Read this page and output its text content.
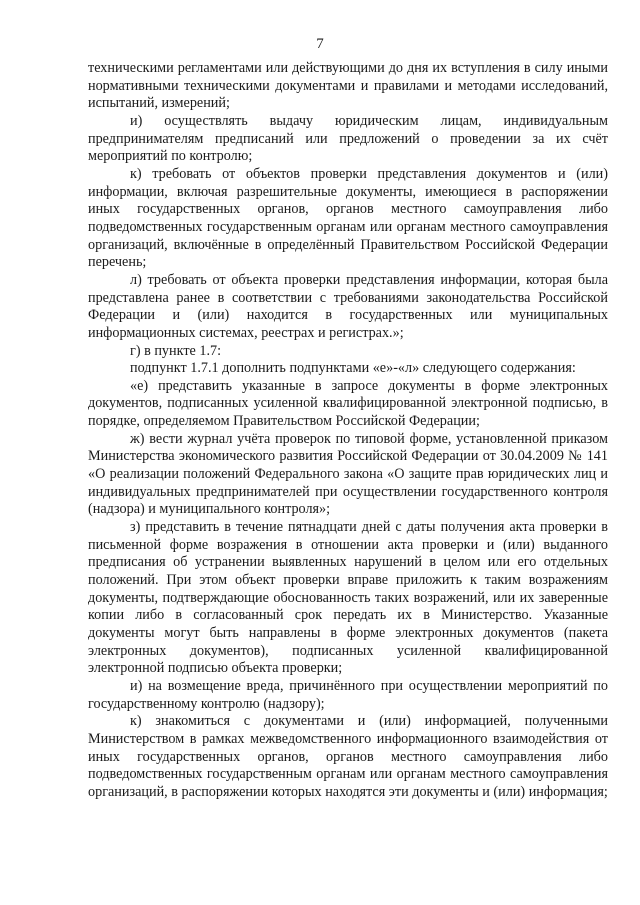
7

техническими регламентами или действующими до дня их вступления в силу иными нормативными техническими документами и правилами и методами исследований, испытаний, измерений;

и) осуществлять выдачу юридическим лицам, индивидуальным предпринимателям предписаний или предложений о проведении за их счёт мероприятий по контролю;

к) требовать от объектов проверки представления документов и (или) информации, включая разрешительные документы, имеющиеся в распоряжении иных государственных органов, органов местного самоуправления либо подведомственных государственным органам или органам местного самоуправления организаций, включённые в определённый Правительством Российской Федерации перечень;

л) требовать от объекта проверки представления информации, которая была представлена ранее в соответствии с требованиями законодательства Российской Федерации и (или) находится в государственных или муниципальных информационных системах, реестрах и регистрах.»;

г) в пункте 1.7:

подпункт 1.7.1 дополнить подпунктами «е»-«л» следующего содержания:

«е) представить указанные в запросе документы в форме электронных документов, подписанных усиленной квалифицированной электронной подписью, в порядке, определяемом Правительством Российской Федерации;

ж) вести журнал учёта проверок по типовой форме, установленной приказом Министерства экономического развития Российской Федерации от 30.04.2009 № 141 «О реализации положений Федерального закона «О защите прав юридических лиц и индивидуальных предпринимателей при осуществлении государственного контроля (надзора) и муниципального контроля»;

з) представить в течение пятнадцати дней с даты получения акта проверки в письменной форме возражения в отношении акта проверки и (или) выданного предписания об устранении выявленных нарушений в целом или его отдельных положений. При этом объект проверки вправе приложить к таким возражениям документы, подтверждающие обоснованность таких возражений, или их заверенные копии либо в согласованный срок передать их в Министерство. Указанные документы могут быть направлены в форме электронных документов (пакета электронных документов), подписанных усиленной квалифицированной электронной подписью объекта проверки;

и) на возмещение вреда, причинённого при осуществлении мероприятий по государственному контролю (надзору);

к) знакомиться с документами и (или) информацией, полученными Министерством в рамках межведомственного информационного взаимодействия от иных государственных органов, органов местного самоуправления либо подведомственных государственным органам или органам местного самоуправления организаций, в распоряжении которых находятся эти документы и (или) информация;
